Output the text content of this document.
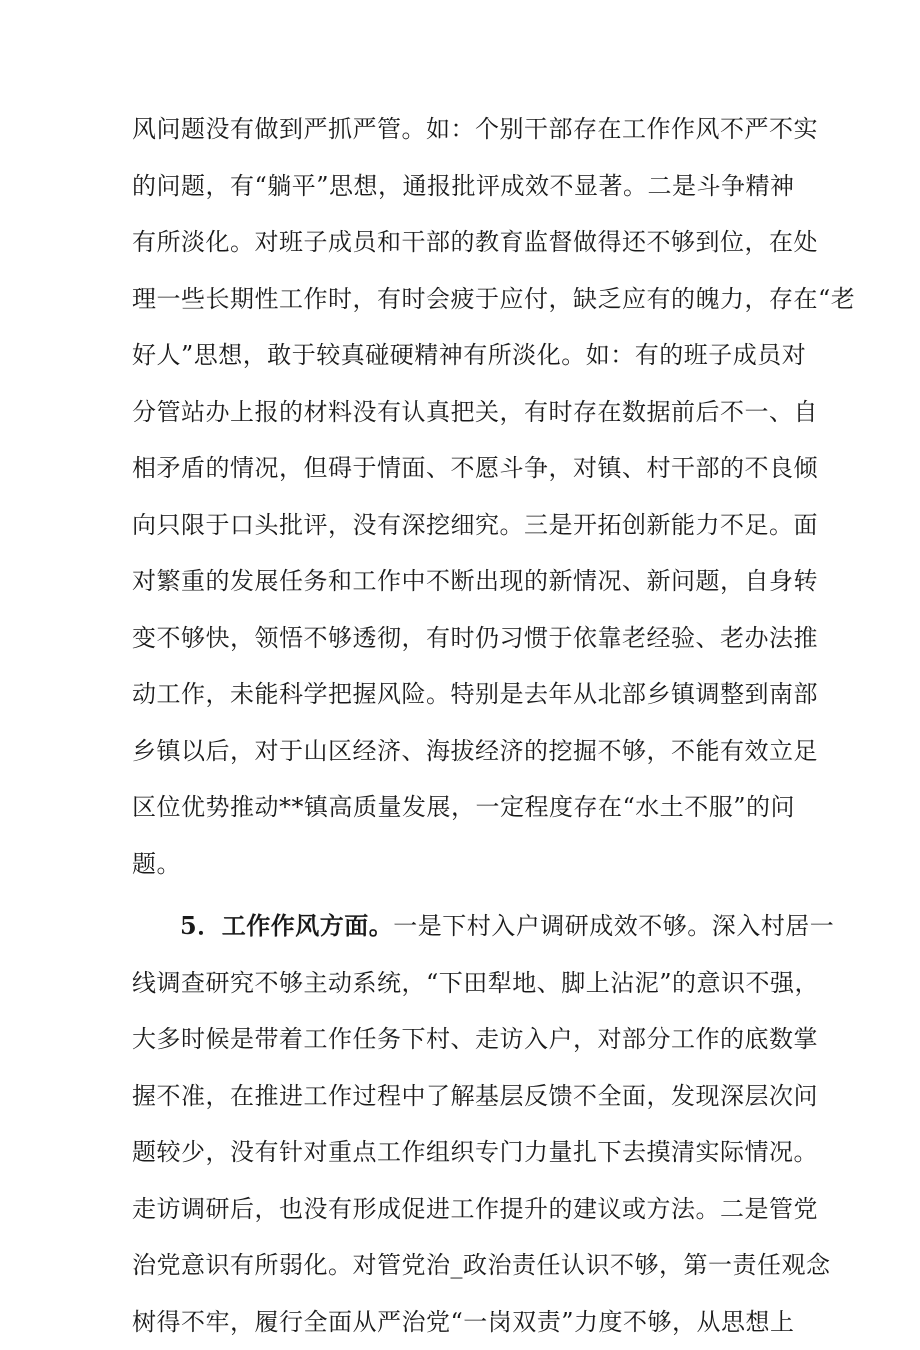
风问题没有做到严抓严管。如：个别干部存在工作作风不严不实
的问题，有“躺平”思想，通报批评成效不显著。二是斗争精神
有所淡化。对班子成员和干部的教育监督做得还不够到位，在处
理一些长期性工作时，有时会疲于应付，缺乏应有的魄力，存在“老
好人”思想，敢于较真碰硬精神有所淡化。如：有的班子成员对
分管站办上报的材料没有认真把关，有时存在数据前后不一、自
相矛盾的情况，但碍于情面、不愿斗争，对镇、村干部的不良倾
向只限于口头批评，没有深挖细究。三是开拓创新能力不足。面
对繁重的发展任务和工作中不断出现的新情况、新问题，自身转
变不够快，领悟不够透彻，有时仍习惯于依靠老经验、老办法推
动工作，未能科学把握风险。特别是去年从北部乡镇调整到南部
乡镇以后，对于山区经济、海拔经济的挖掘不够，不能有效立足
区位优势推动**镇高质量发展，一定程度存在“水土不服”的问
题。
5．工作作风方面。一是下村入户调研成效不够。深入村居一
线调查研究不够主动系统，“下田犁地、脚上沾泥”的意识不强，
大多时候是带着工作任务下村、走访入户，对部分工作的底数掌
握不准，在推进工作过程中了解基层反馈不全面，发现深层次问
题较少，没有针对重点工作组织专门力量扎下去摸清实际情况。
走访调研后，也没有形成促进工作提升的建议或方法。二是管党
治党意识有所弱化。对管党治_政治责任认识不够，第一责任观念
树得不牢，履行全面从严治党“一岗双责”力度不够，从思想上
